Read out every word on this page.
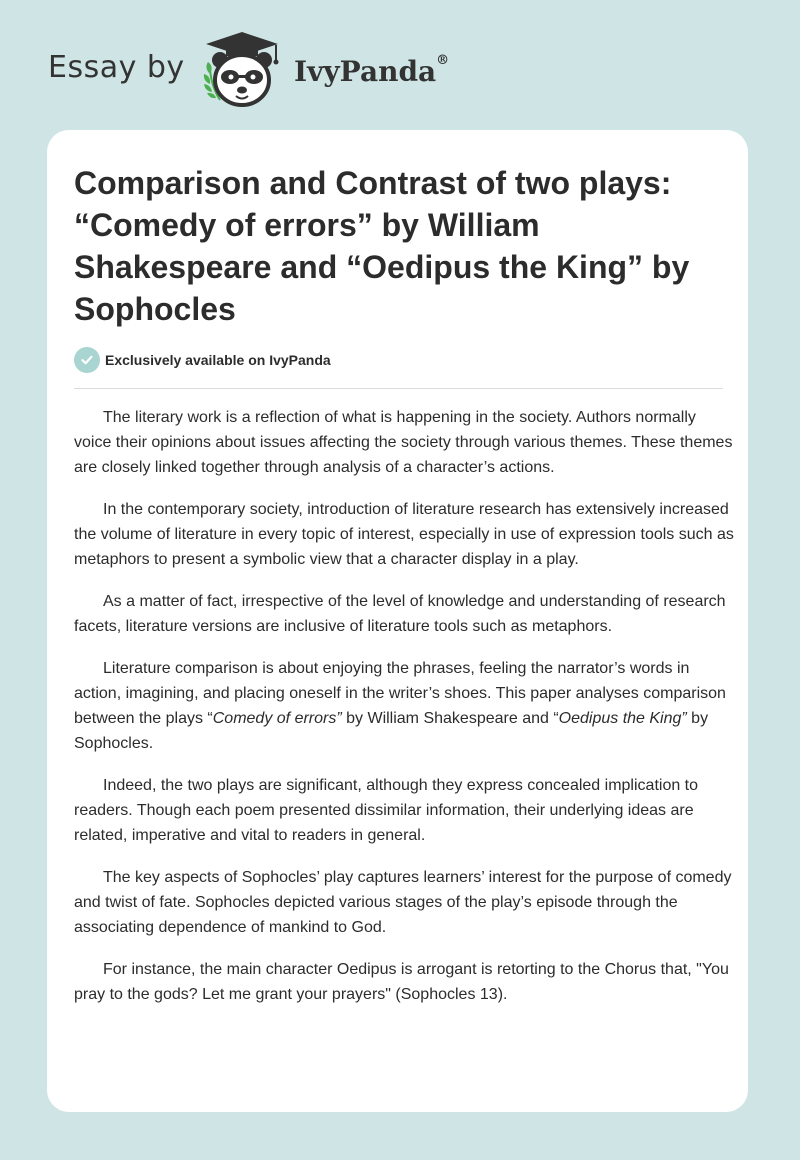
Essay by	IvyPanda®
Comparison and Contrast of two plays: “Comedy of errors” by William Shakespeare and “Oedipus the King” by Sophocles
Exclusively available on IvyPanda

The literary work is a reflection of what is happening in the society. Authors normally voice their opinions about issues affecting the society through various themes. These themes are closely linked together through analysis of a character’s actions.

In the contemporary society, introduction of literature research has extensively increased the volume of literature in every topic of interest, especially in use of expression tools such as metaphors to present a symbolic view that a character display in a play.

As a matter of fact, irrespective of the level of knowledge and understanding of research facets, literature versions are inclusive of literature tools such as metaphors.

Literature comparison is about enjoying the phrases, feeling the narrator’s words in action, imagining, and placing oneself in the writer’s shoes. This paper analyses comparison between the plays “Comedy of errors” by William Shakespeare and “Oedipus the King” by Sophocles.

Indeed, the two plays are significant, although they express concealed implication to readers. Though each poem presented dissimilar information, their underlying ideas are related, imperative and vital to readers in general.

The key aspects of Sophocles’ play captures learners’ interest for the purpose of comedy and twist of fate. Sophocles depicted various stages of the play’s episode through the associating dependence of mankind to God.

For instance, the main character Oedipus is arrogant is retorting to the Chorus that, "You pray to the gods? Let me grant your prayers" (Sophocles 13).
